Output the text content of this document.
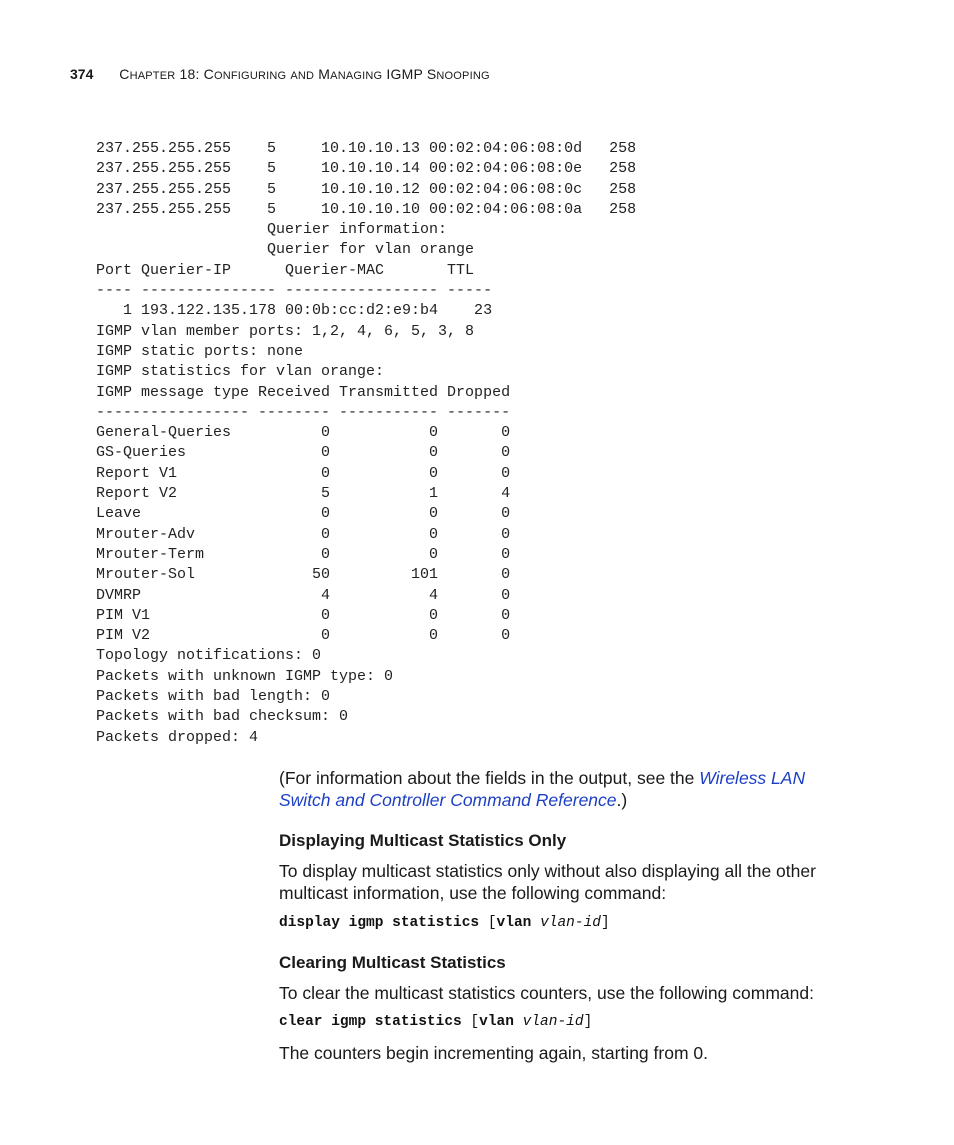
374 CHAPTER 18: CONFIGURING AND MANAGING IGMP SNOOPING
237.255.255.255    5     10.10.10.13 00:02:04:06:08:0d   258
237.255.255.255    5     10.10.10.14 00:02:04:06:08:0e   258
237.255.255.255    5     10.10.10.12 00:02:04:06:08:0c   258
237.255.255.255    5     10.10.10.10 00:02:04:06:08:0a   258
Querier information:
Querier for vlan orange
Port Querier-IP      Querier-MAC       TTL
---- --------------- ----------------- -----
1 193.122.135.178 00:0b:cc:d2:e9:b4    23
IGMP vlan member ports: 1,2, 4, 6, 5, 3, 8
IGMP static ports: none
IGMP statistics for vlan orange:
IGMP message type Received Transmitted Dropped
----------------- -------- ----------- -------
General-Queries          0           0       0
GS-Queries               0           0       0
Report V1                0           0       0
Report V2                5           1       4
Leave                    0           0       0
Mrouter-Adv              0           0       0
Mrouter-Term             0           0       0
Mrouter-Sol             50         101       0
DVMRP                    4           4       0
PIM V1                   0           0       0
PIM V2                   0           0       0
Topology notifications: 0
Packets with unknown IGMP type: 0
Packets with bad length: 0
Packets with bad checksum: 0
Packets dropped: 4
(For information about the fields in the output, see the Wireless LAN Switch and Controller Command Reference.)
Displaying Multicast Statistics Only
To display multicast statistics only without also displaying all the other multicast information, use the following command:
display igmp statistics [vlan vlan-id]
Clearing Multicast Statistics
To clear the multicast statistics counters, use the following command:
clear igmp statistics [vlan vlan-id]
The counters begin incrementing again, starting from 0.
